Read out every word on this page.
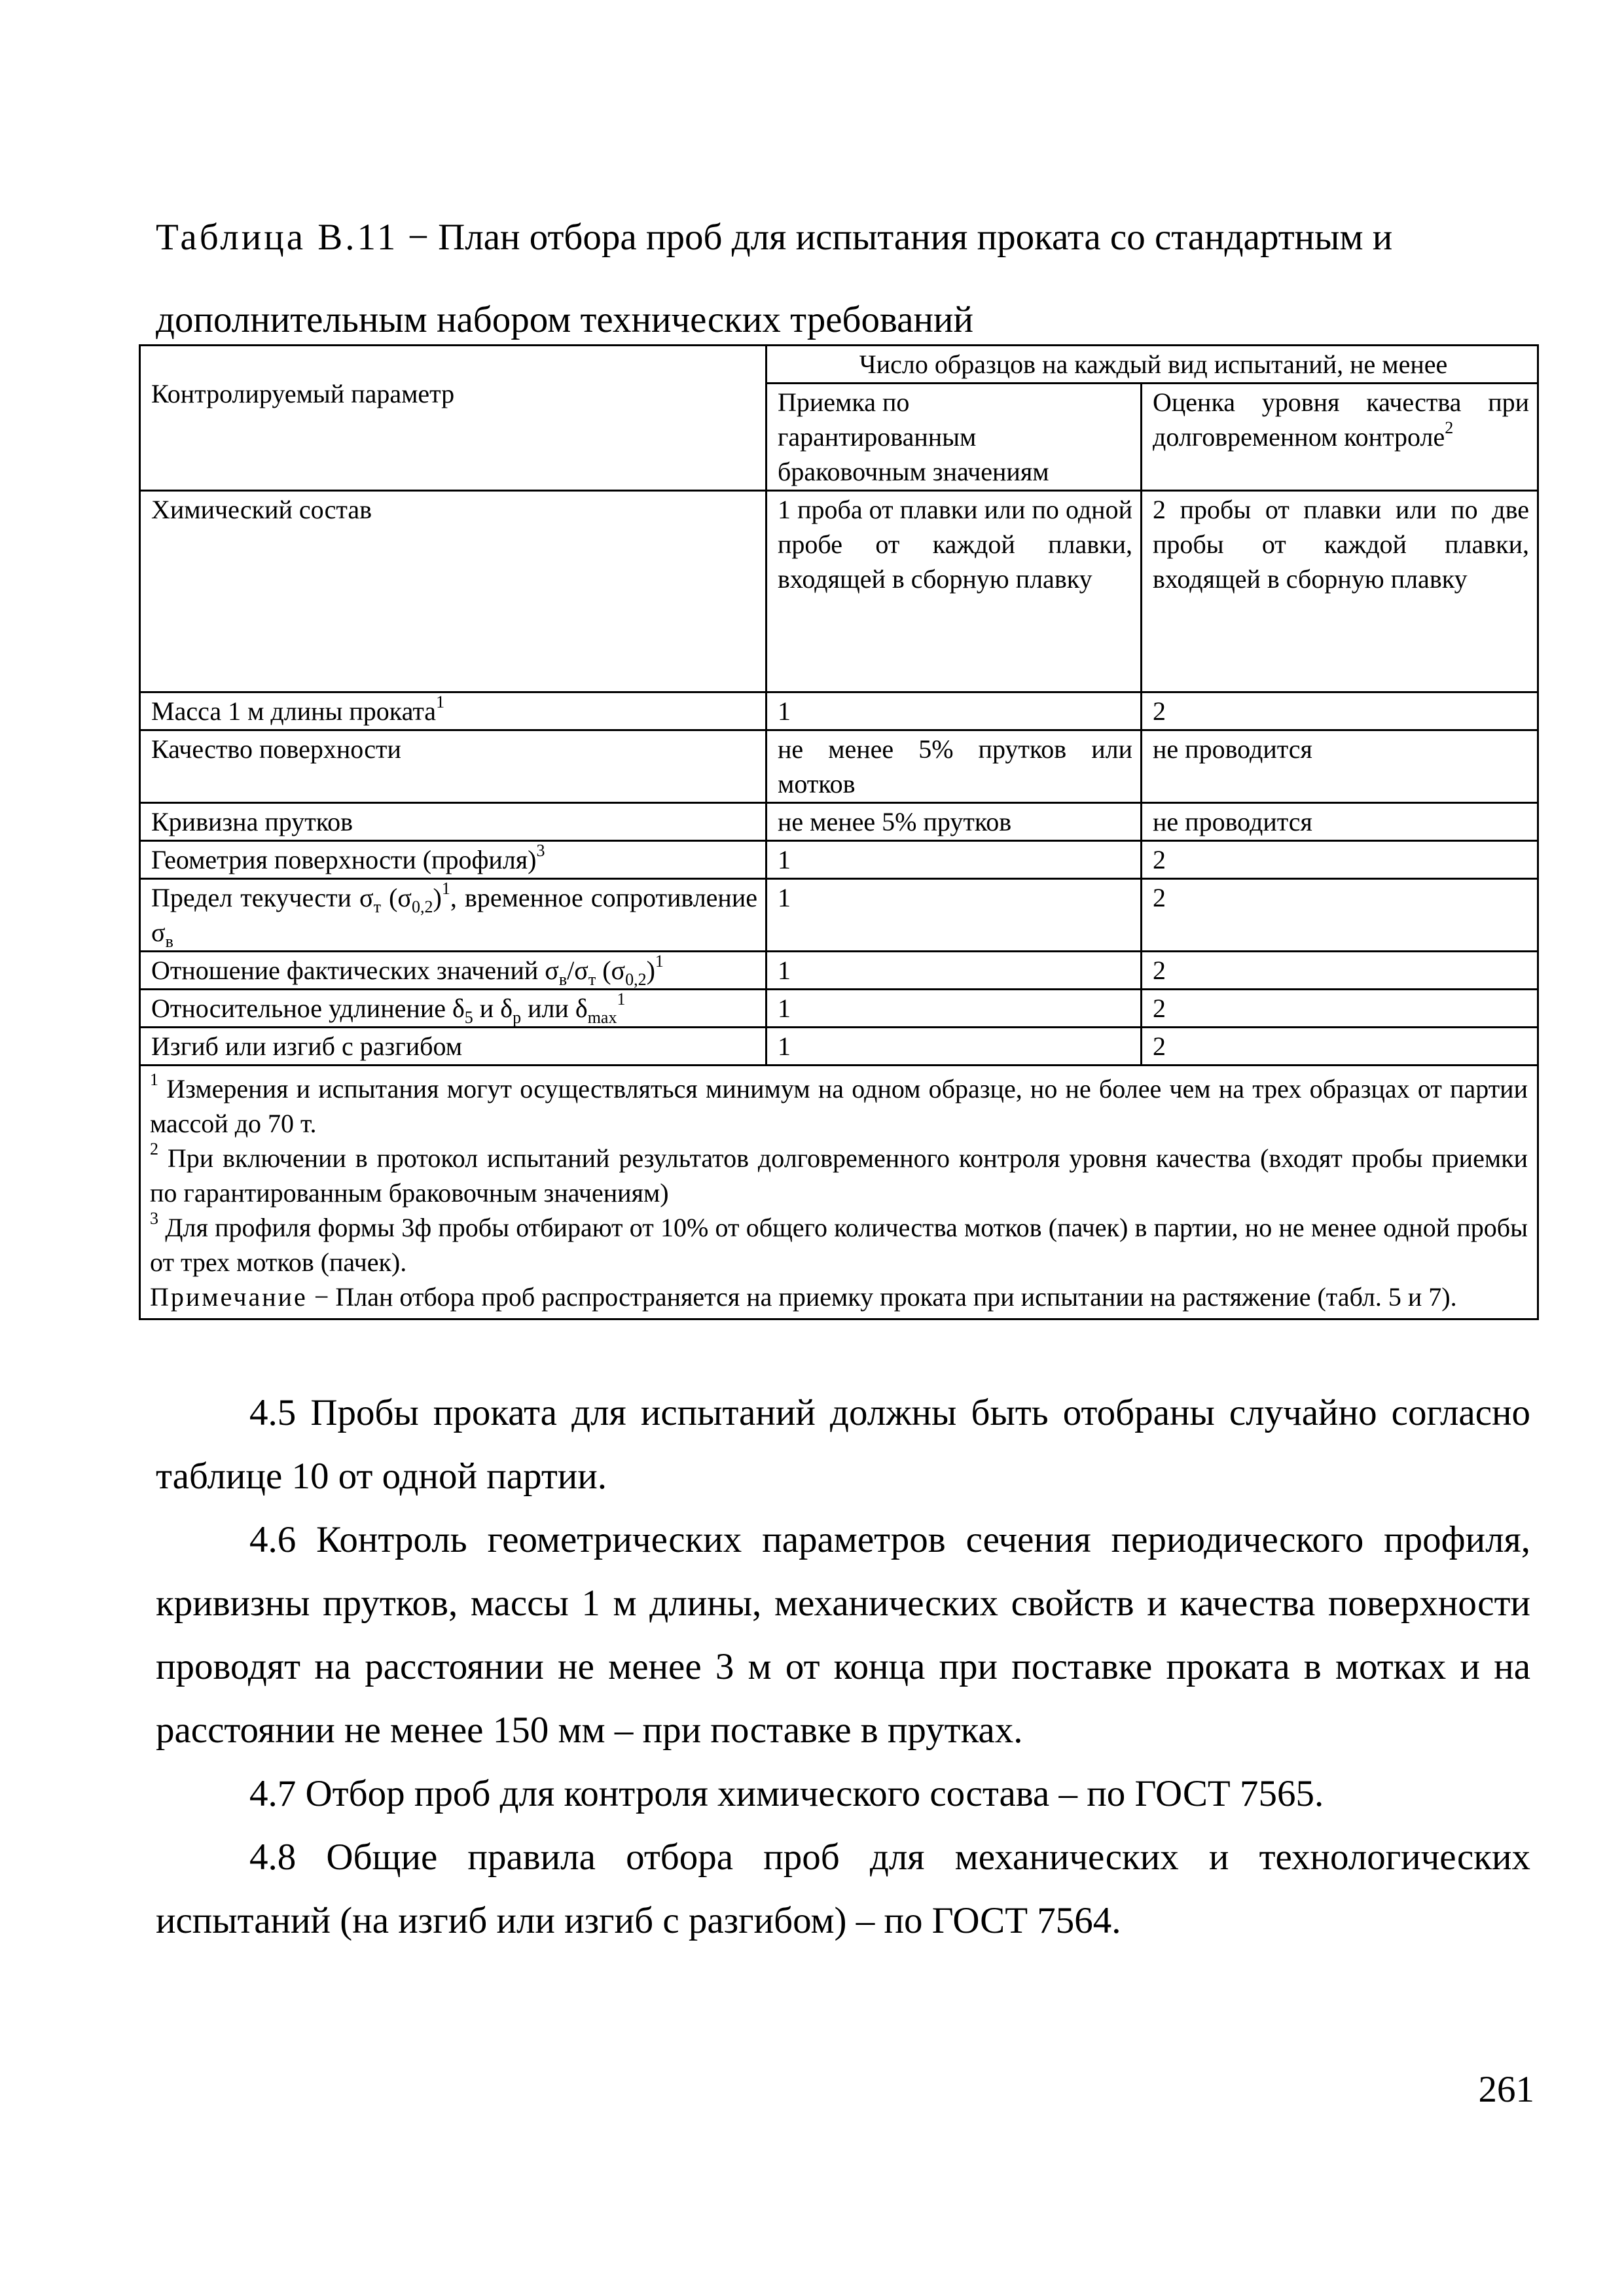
Таблица В.11 − План отбора проб для испытания проката со стандартным и дополнительным набором технических требований
Контролируемый параметр	Число образцов на каждый вид испытаний, не менее	
	Приемка по гарантированным браковочным значениям	Оценка уровня качества при долговременном контроле$^2$
Химический состав	1 проба от плавки или по одной пробе от каждой плавки, входящей в сборную плавку	2 пробы от плавки или по две пробы от каждой плавки, входящей в сборную плавку
Масса 1 м длины проката$^1$	1	2
Качество поверхности	не менее 5% прутков или мотков	не проводится
Кривизна прутков	не менее 5% прутков	не проводится
Геометрия поверхности (профиля)$^3$	1	2
Предел текучести $\sigma_т$ $(\sigma_{0,2})^1$, временное сопротивление $\sigma_в$	1	2
Отношение фактических значений $\sigma_в/\sigma_т$ $(\sigma_{0,2})^1$	1	2
Относительное удлинение $\delta_5$ и $\delta_р$ или $\delta_{max}^1$	1	2
Изгиб или изгиб с разгибом	1	2

$^1$ Измерения и испытания могут осуществляться минимум на одном образце, но не более чем на трех образцах от партии массой до 70 т.

$^2$ При включении в протокол испытаний результатов долговременного контроля уровня качества (входят пробы приемки по гарантированным браковочным значениям)

$^3$ Для профиля формы 3ф пробы отбирают от 10% от общего количества мотков (пачек) в партии, но не менее одной пробы от трех мотков (пачек).

Примечание − План отбора проб распространяется на приемку проката при испытании на растяжение (табл. 5 и 7).		

4.5 Пробы проката для испытаний должны быть отобраны случайно согласно таблице 10 от одной партии.

4.6 Контроль геометрических параметров сечения периодического профиля, кривизны прутков, массы 1 м длины, механических свойств и качества поверхности проводят на расстоянии не менее 3 м от конца при поставке проката в мотках и на расстоянии не менее 150 мм – при поставке в прутках.

4.7 Отбор проб для контроля химического состава – по ГОСТ 7565.

4.8 Общие правила отбора проб для механических и технологических испытаний (на изгиб или изгиб с разгибом) – по ГОСТ 7564.

261
